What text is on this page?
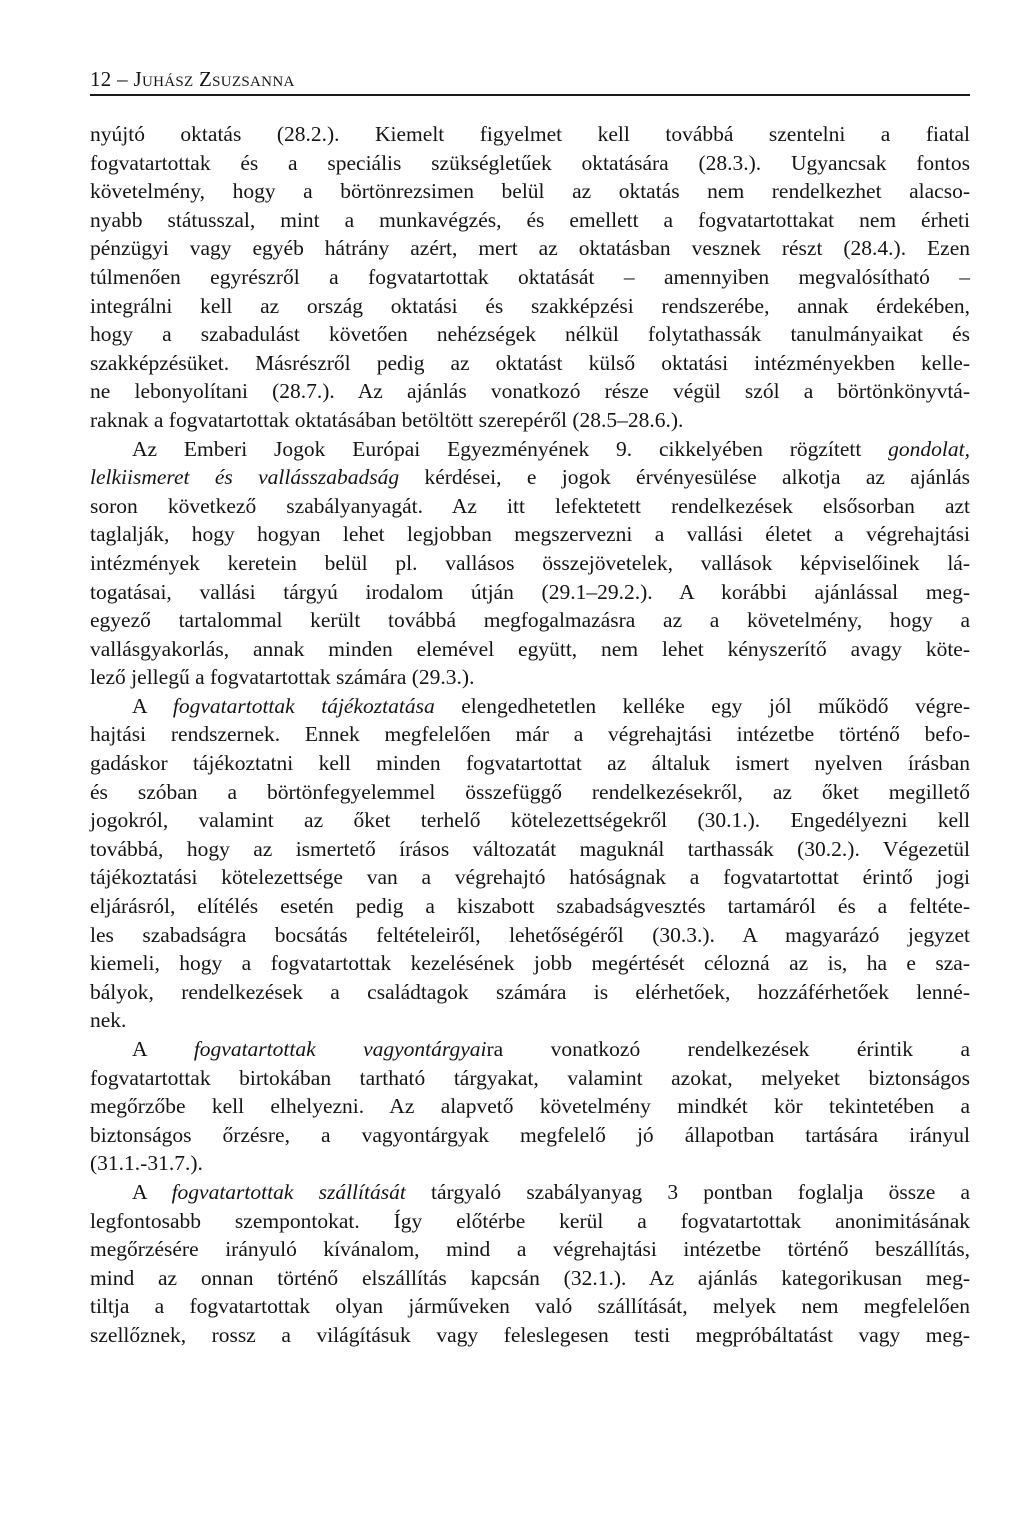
12 – Juhász Zsuzsanna
nyújtó oktatás (28.2.). Kiemelt figyelmet kell továbbá szentelni a fiatal
fogvatartottak és a speciális szükségletűek oktatására (28.3.). Ugyancsak fontos
követelmény, hogy a börtönrezsimen belül az oktatás nem rendelkezhet alacso-
nyabb státusszal, mint a munkavégzés, és emellett a fogvatartottakat nem érheti
pénzügyi vagy egyéb hátrány azért, mert az oktatásban vesznek részt (28.4.). Ezen
túlmenően egyrészről a fogvatartottak oktatását – amennyiben megvalósítható –
integrálni kell az ország oktatási és szakképzési rendszerébe, annak érdekében,
hogy a szabadulást követően nehézségek nélkül folytathassák tanulmányaikat és
szakképzésüket. Másrészről pedig az oktatást külső oktatási intézményekben kelle-
ne lebonyolítani (28.7.). Az ajánlás vonatkozó része végül szól a börtönkönyvtá-
raknak a fogvatartottak oktatásában betöltött szerepéről (28.5–28.6.).
Az Emberi Jogok Európai Egyezményének 9. cikkelyében rögzített gondolat,
lelkiismeret és vallásszabadság kérdései, e jogok érvényesülése alkotja az ajánlás
soron következő szabályanyagát. Az itt lefektetett rendelkezések elsősorban azt
taglalják, hogy hogyan lehet legjobban megszervezni a vallási életet a végrehajtási
intézmények keretein belül pl. vallásos összejövetelek, vallások képviselőinek lá-
togatásai, vallási tárgyú irodalom útján (29.1–29.2.). A korábbi ajánlással meg-
egyező tartalommal került továbbá megfogalmazásra az a követelmény, hogy a
vallásgyakorlás, annak minden elemével együtt, nem lehet kényszerítő avagy köte-
lező jellegű a fogvatartottak számára (29.3.).
A fogvatartottak tájékoztatása elengedhetetlen kelléke egy jól működő végre-
hajtási rendszernek. Ennek megfelelően már a végrehajtási intézetbe történő befo-
gadáskor tájékoztatni kell minden fogvatartottat az általuk ismert nyelven írásban
és szóban a börtönfegyelemmel összefüggő rendelkezésekről, az őket megillető
jogokról, valamint az őket terhelő kötelezettségekről (30.1.). Engedélyezni kell
továbbá, hogy az ismertető írásos változatát maguknál tarthassák (30.2.). Végezetül
tájékoztatási kötelezettsége van a végrehajtó hatóságnak a fogvatartottat érintő jogi
eljárásról, elítélés esetén pedig a kiszabott szabadságvesztés tartamáról és a feltéte-
les szabadságra bocsátás feltételeiről, lehetőségéről (30.3.). A magyarázó jegyzet
kiemeli, hogy a fogvatartottak kezelésének jobb megértését célozná az is, ha e sza-
bályok, rendelkezések a családtagok számára is elérhetőek, hozzáférhetőek lenné-
nek.
A fogvatartottak vagyontárgyaira vonatkozó rendelkezések érintik a
fogvatartottak birtokában tartható tárgyakat, valamint azokat, melyeket biztonságos
megőrzőbe kell elhelyezni. Az alapvető követelmény mindkét kör tekintetében a
biztonságos őrzésre, a vagyontárgyak megfelelő jó állapotban tartására irányul
(31.1.-31.7.).
A fogvatartottak szállítását tárgyaló szabályanyag 3 pontban foglalja össze a
legfontosabb szempontokat. Így előtérbe kerül a fogvatartottak anonimitásának
megőrzésére irányuló kívánalom, mind a végrehajtási intézetbe történő beszállítás,
mind az onnan történő elszállítás kapcsán (32.1.). Az ajánlás kategorikusan meg-
tiltja a fogvatartottak olyan járműveken való szállítását, melyek nem megfelelően
szellőznek, rossz a világításuk vagy feleslegesen testi megpróbáltatást vagy meg-
